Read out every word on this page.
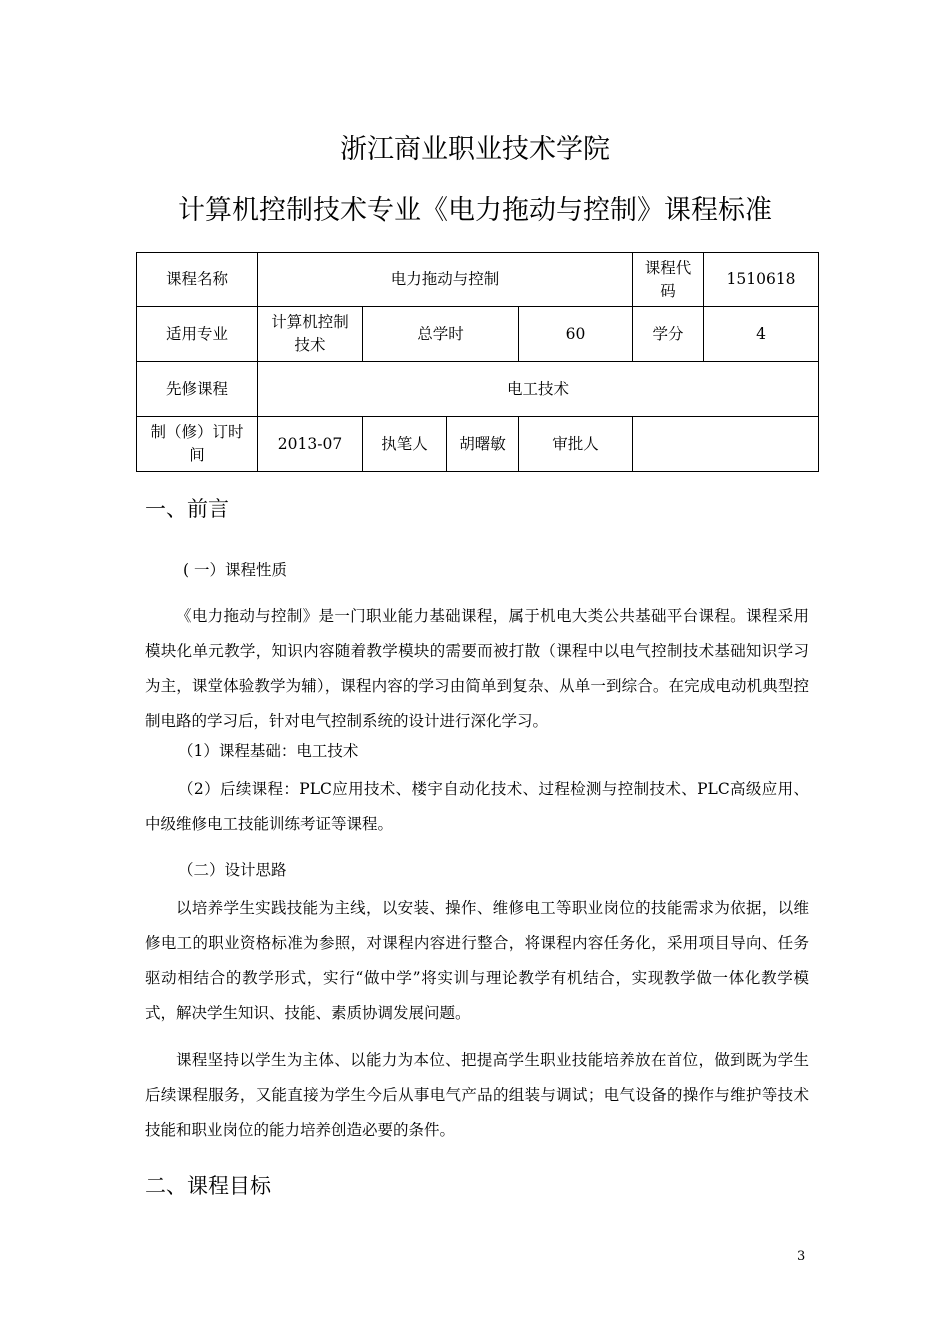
浙江商业职业技术学院
计算机控制技术专业《电力拖动与控制》课程标准
课程名称	电力拖动与控制				课程代码	1510618
适用专业	计算机控制技术	总学时		60	学分	4
先修课程	电工技术					
制（修）订时间	2013-07	执笔人	胡曙敏	审批人		
一、前言
( 一）课程性质
《电力拖动与控制》是一门职业能力基础课程，属于机电大类公共基础平台课程。课程采用模块化单元教学，知识内容随着教学模块的需要而被打散（课程中以电气控制技术基础知识学习为主，课堂体验教学为辅），课程内容的学习由简单到复杂、从单一到综合。在完成电动机典型控制电路的学习后，针对电气控制系统的设计进行深化学习。
（1）课程基础：电工技术
（2）后续课程：PLC应用技术、楼宇自动化技术、过程检测与控制技术、PLC高级应用、中级维修电工技能训练考证等课程。
（二）设计思路
以培养学生实践技能为主线，以安装、操作、维修电工等职业岗位的技能需求为依据，以维修电工的职业资格标准为参照，对课程内容进行整合，将课程内容任务化，采用项目导向、任务驱动相结合的教学形式，实行“做中学”将实训与理论教学有机结合，实现教学做一体化教学模式，解决学生知识、技能、素质协调发展问题。
课程坚持以学生为主体、以能力为本位、把提高学生职业技能培养放在首位，做到既为学生后续课程服务，又能直接为学生今后从事电气产品的组装与调试；电气设备的操作与维护等技术技能和职业岗位的能力培养创造必要的条件。
二、课程目标
3
